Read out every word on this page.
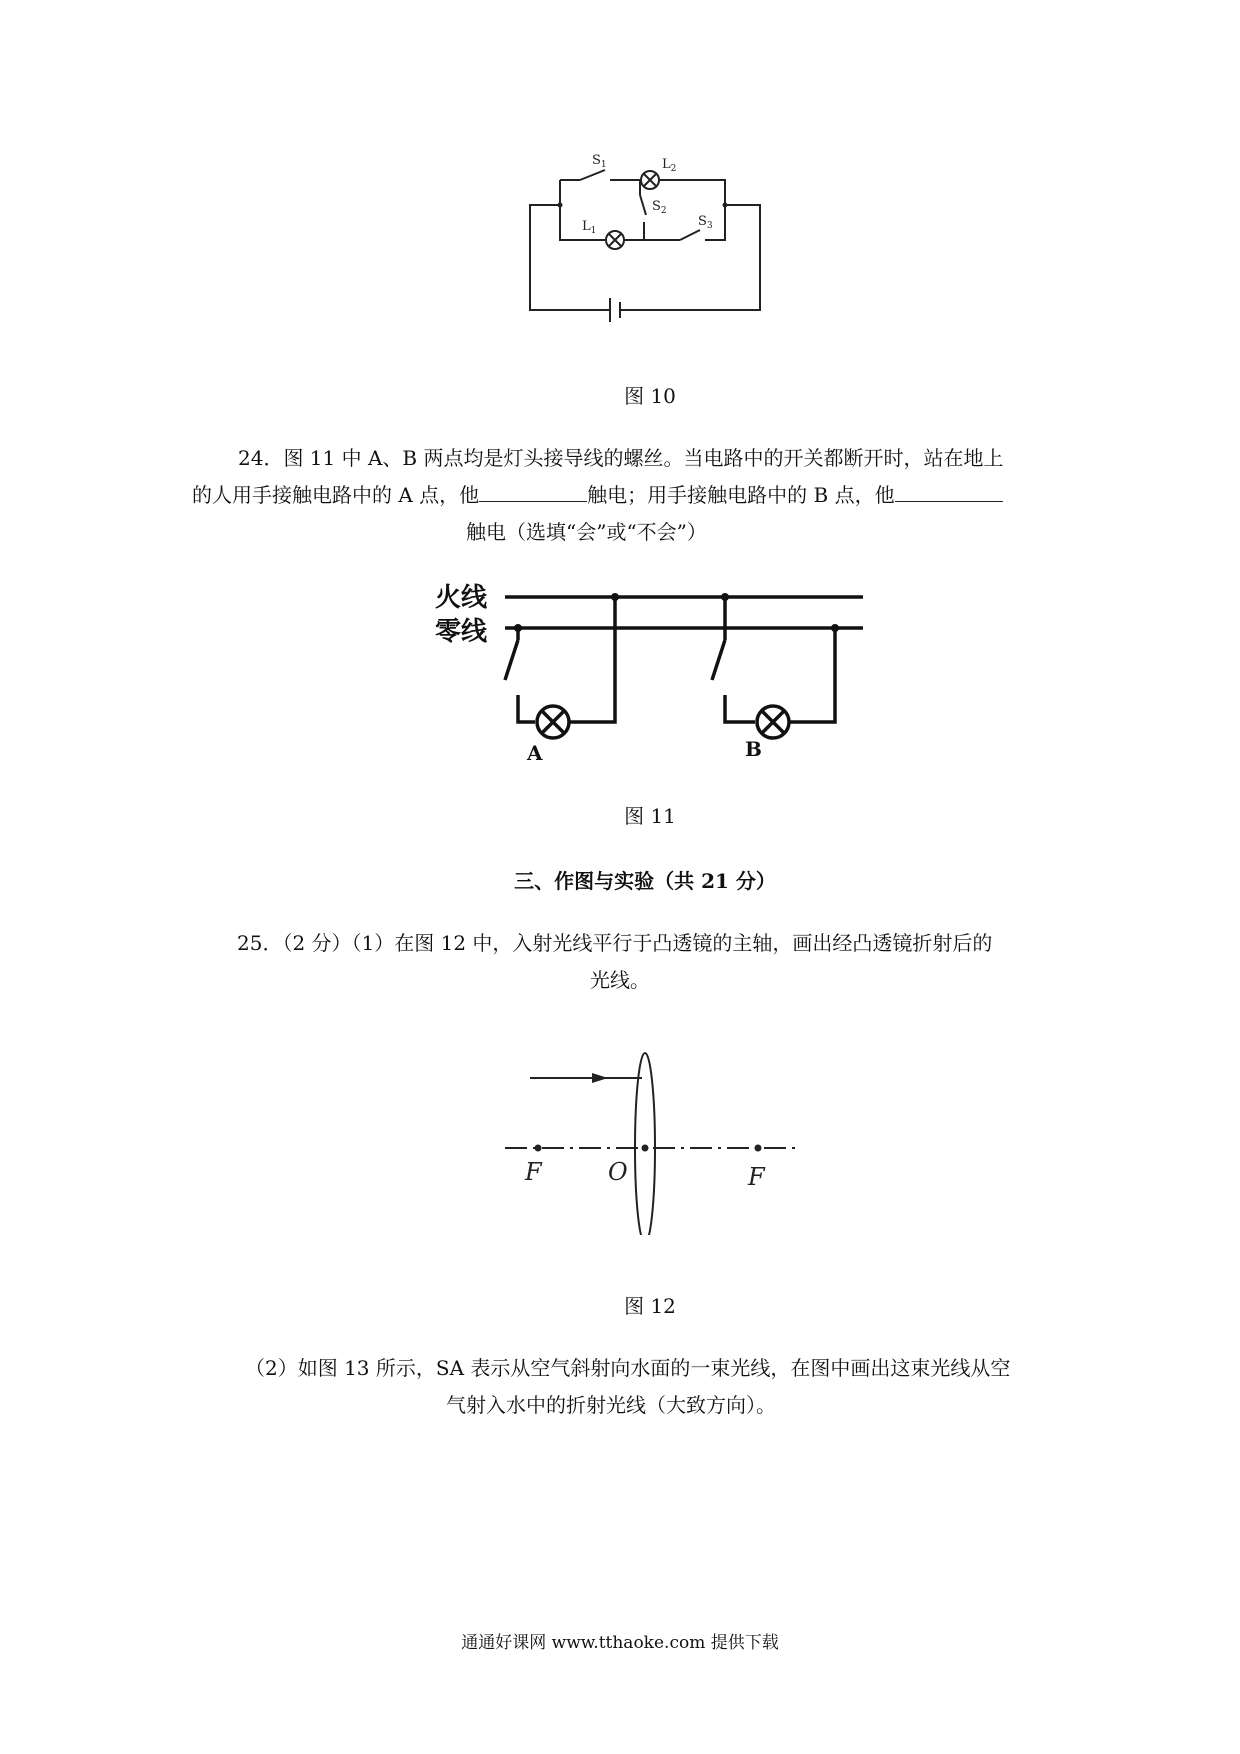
$S_1$	$L_2$
$S_2$
$L_1$
$S_3$
图 10
24．图 11 中 A、B 两点均是灯头接导线的螺丝。当电路中的开关都断开时，站在地上
的人用手接触电路中的 A 点，他	触电；用手接触电路中的 B 点，他
触电（选填“会”或“不会”）
火线
零线
A	B
图 11
三、作图与实验（共 21 分）
25．（2 分）（1）在图 12 中，入射光线平行于凸透镜的主轴，画出经凸透镜折射后的
光线。
F	O	F
图 12
（2）如图 13 所示，SA 表示从空气斜射向水面的一束光线，在图中画出这束光线从空
气射入水中的折射光线（大致方向）。
通通好课网 www.tthaoke.com 提供下载
